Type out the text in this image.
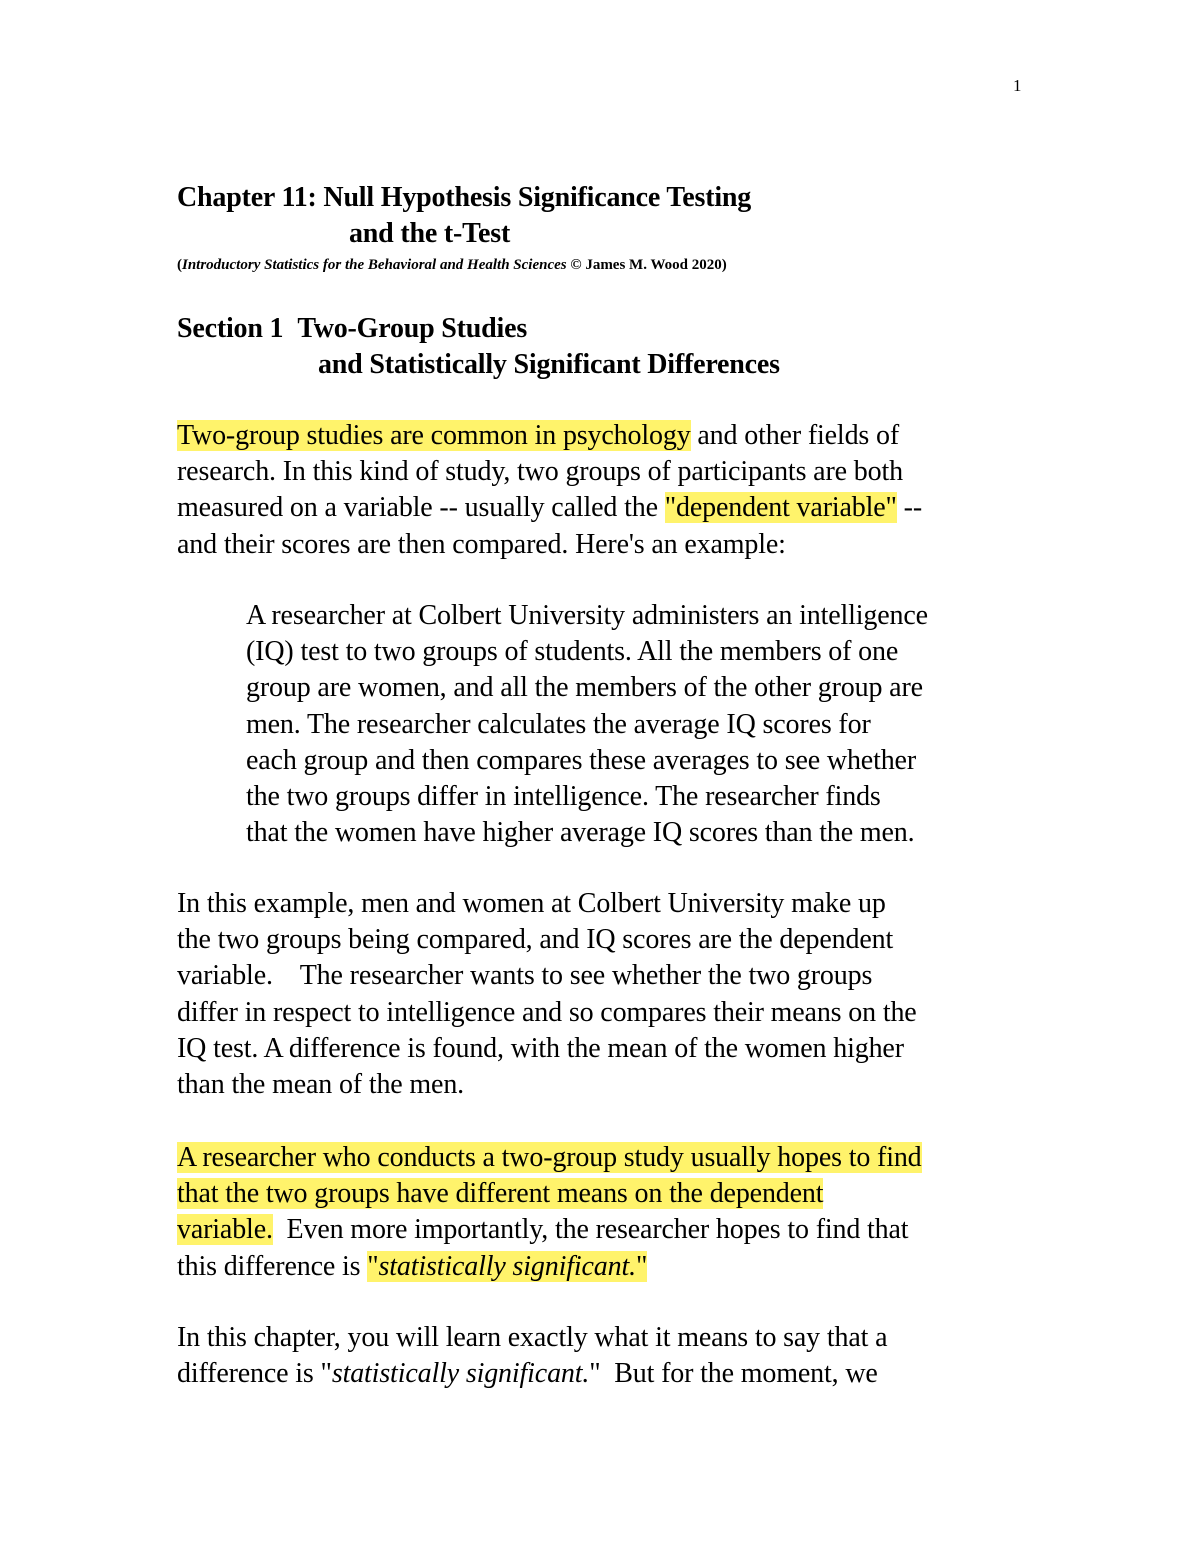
1
Chapter 11: Null Hypothesis Significance Testing
and the t-Test
(Introductory Statistics for the Behavioral and Health Sciences © James M. Wood 2020)
Section 1 Two-Group Studies
and Statistically Significant Differences
Two-group studies are common in psychology and other fields of
research. In this kind of study, two groups of participants are both
measured on a variable -- usually called the "dependent variable" --
and their scores are then compared. Here's an example:
A researcher at Colbert University administers an intelligence
(IQ) test to two groups of students. All the members of one
group are women, and all the members of the other group are
men. The researcher calculates the average IQ scores for
each group and then compares these averages to see whether
the two groups differ in intelligence. The researcher finds
that the women have higher average IQ scores than the men.
In this example, men and women at Colbert University make up
the two groups being compared, and IQ scores are the dependent
variable.    The researcher wants to see whether the two groups
differ in respect to intelligence and so compares their means on the
IQ test. A difference is found, with the mean of the women higher
than the mean of the men.
A researcher who conducts a two-group study usually hopes to find
that the two groups have different means on the dependent
variable.  Even more importantly, the researcher hopes to find that
this difference is "statistically significant."
In this chapter, you will learn exactly what it means to say that a
difference is "statistically significant."  But for the moment, we
